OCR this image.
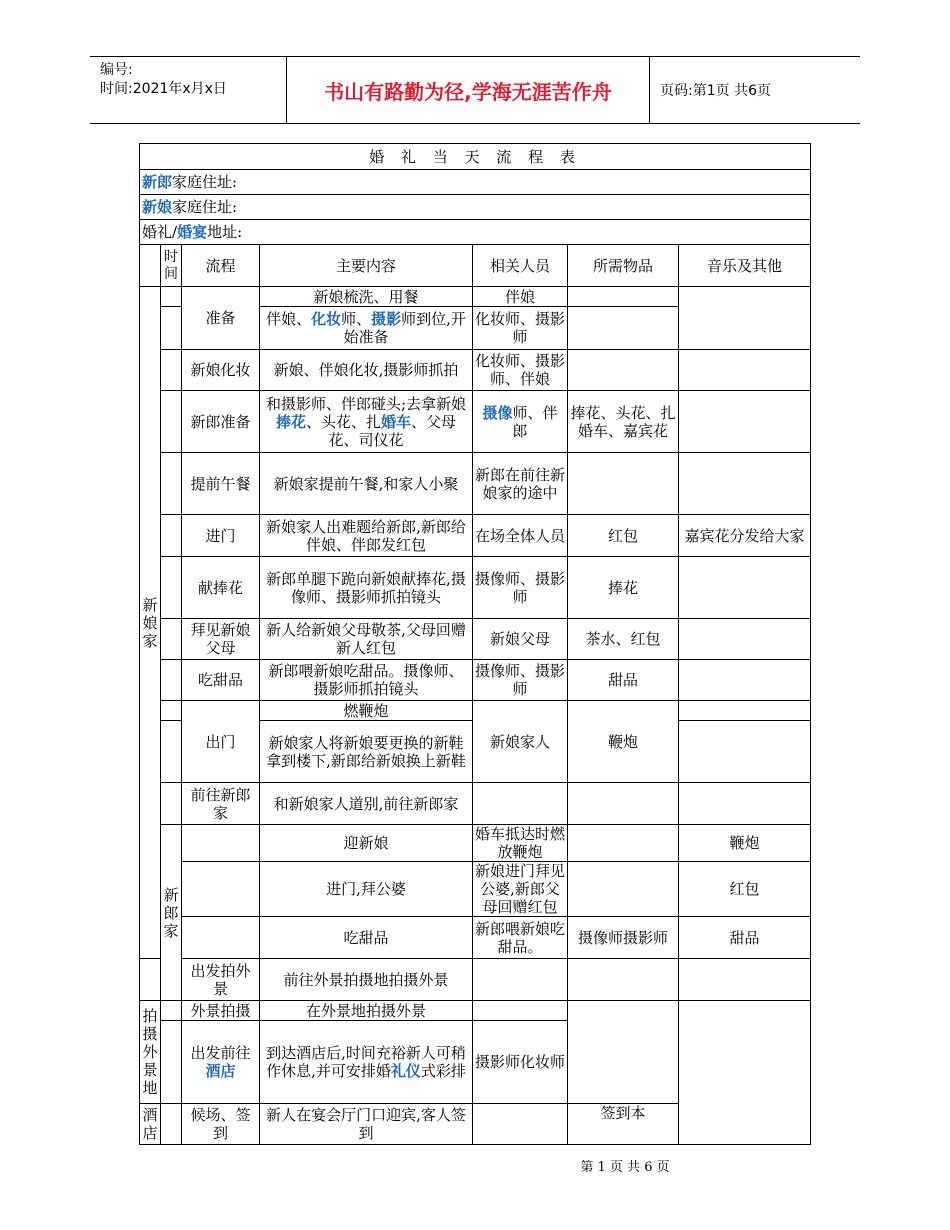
编号:
时间:2021年x月x日	书山有路勤为径,学海无涯苦作舟	页码:第1页 共6页
婚 礼 当 天 流 程 表							
新郎家庭住址:							
新娘家庭住址:							
婚礼/婚宴地址:							
	时间	流程	主要内容	相关人员	所需物品	音乐及其他	
新娘家		准备	新娘梳洗、用餐	伴娘			
			伴娘、化妆师、摄影师到位,开始准备	化妆师、摄影师			
		新娘化妆	新娘、伴娘化妆,摄影师抓拍	化妆师、摄影师、伴娘			
		新郎准备	和摄影师、伴郎碰头;去拿新娘捧花、头花、扎婚车、父母花、司仪花	摄像师、伴郎	捧花、头花、扎婚车、嘉宾花		
		提前午餐	新娘家提前午餐,和家人小聚	新郎在前往新娘家的途中			
		进门	新娘家人出难题给新郎,新郎给伴娘、伴郎发红包	在场全体人员	红包	嘉宾花分发给大家	
		献捧花	新郎单腿下跪向新娘献捧花,摄像师、摄影师抓拍镜头	摄像师、摄影师	捧花		
		拜见新娘父母	新人给新娘父母敬茶,父母回赠新人红包	新娘父母	茶水、红包		
		吃甜品	新郎喂新娘吃甜品。摄像师、摄影师抓拍镜头	摄像师、摄影师	甜品		
		出门	燃鞭炮	新娘家人	鞭炮		
			新娘家人将新娘要更换的新鞋拿到楼下,新郎给新娘换上新鞋				
		前往新郎家	和新娘家人道别,前往新郎家				
	新郎家		迎新娘	婚车抵达时燃放鞭炮		鞭炮	
			进门,拜公婆	新娘进门拜见公婆,新郎父母回赠红包		红包	
			吃甜品	新郎喂新娘吃甜品。	摄像师摄影师	甜品	
		出发拍外景	前往外景拍摄地拍摄外景				
拍摄外景地		外景拍摄	在外景地拍摄外景				
		出发前往酒店	到达酒店后,时间充裕新人可稍作休息,并可安排婚礼仪式彩排	摄影师化妆师			
酒店		候场、签到	新人在宴会厅门口迎宾,客人签到		签到本		
第 1 页 共 6 页
